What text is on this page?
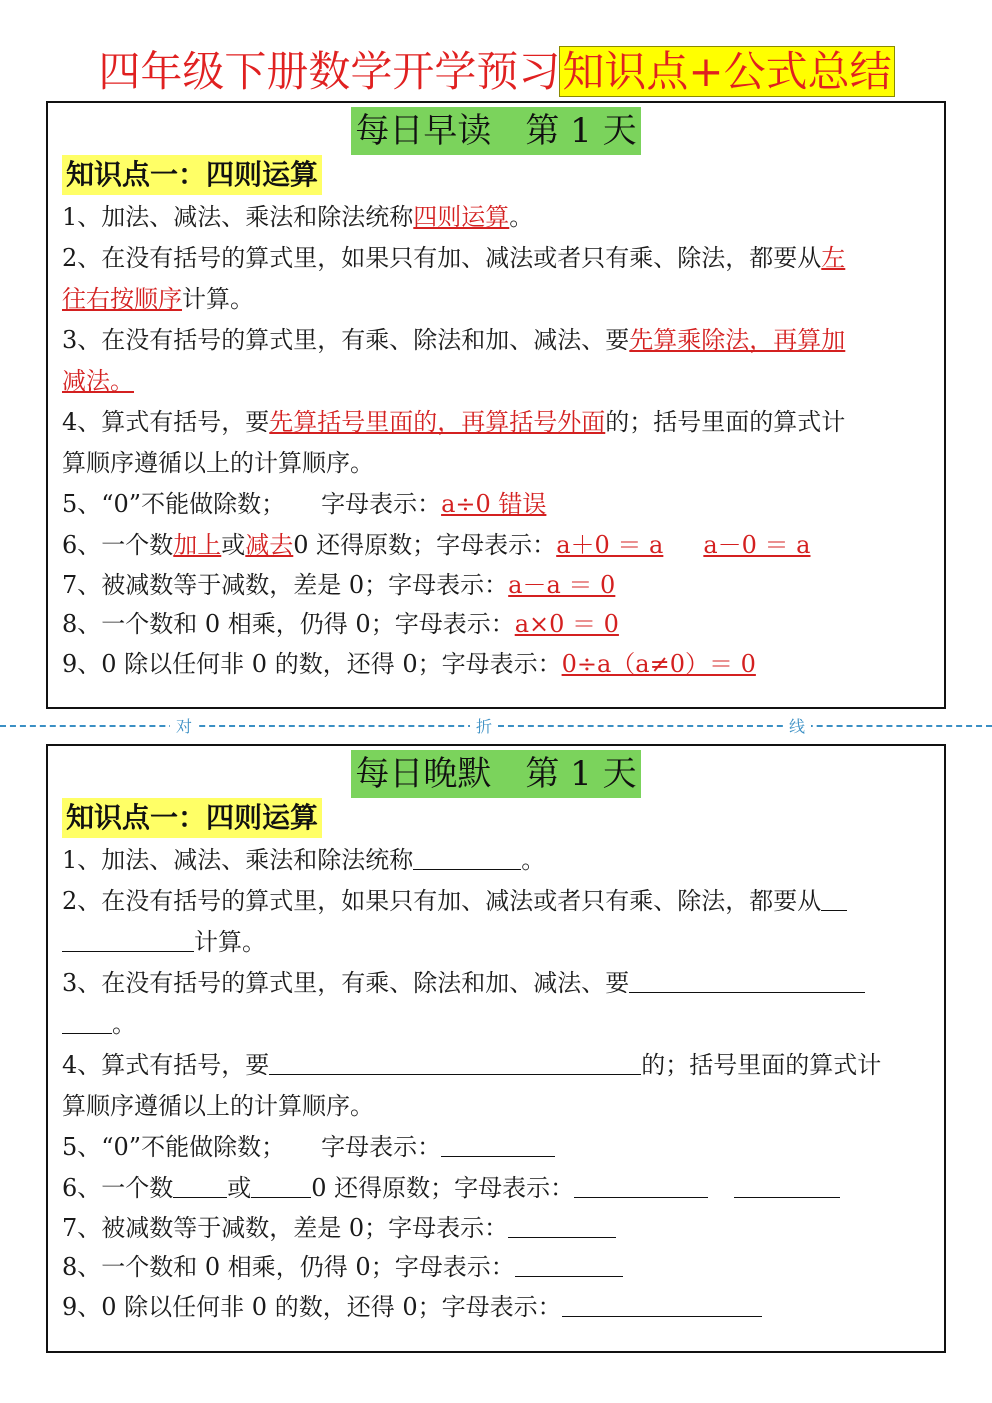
四年级下册数学开学预习知识点+公式总结
每日早读　第 1 天
知识点一：四则运算
1、加法、减法、乘法和除法统称四则运算。
2、在没有括号的算式里，如果只有加、减法或者只有乘、除法，都要从左
往右按顺序计算。
3、在没有括号的算式里，有乘、除法和加、减法、要先算乘除法，再算加
减法。
4、算式有括号，要先算括号里面的，再算括号外面的；括号里面的算式计
算顺序遵循以上的计算顺序。
5、“0”不能做除数；　　字母表示：a÷0 错误
6、一个数加上或减去0 还得原数；字母表示：a＋0 ＝ a a－0 ＝ a
7、被减数等于减数，差是 0；字母表示：a－a ＝ 0
8、一个数和 0 相乘，仍得 0；字母表示：a×0 ＝ 0
9、0 除以任何非 0 的数，还得 0；字母表示：0÷a（a≠0）＝ 0
对	折	线
每日晚默　第 1 天
知识点一：四则运算
1、加法、减法、乘法和除法统称	。
2、在没有括号的算式里，如果只有加、减法或者只有乘、除法，都要从
计算。
3、在没有括号的算式里，有乘、除法和加、减法、要
。
4、算式有括号，要	的；括号里面的算式计
算顺序遵循以上的计算顺序。
5、“0”不能做除数；　　字母表示：
6、一个数 或	0 还得原数；字母表示：
7、被减数等于减数，差是 0；字母表示：
8、一个数和 0 相乘，仍得 0；字母表示：
9、0 除以任何非 0 的数，还得 0；字母表示：
